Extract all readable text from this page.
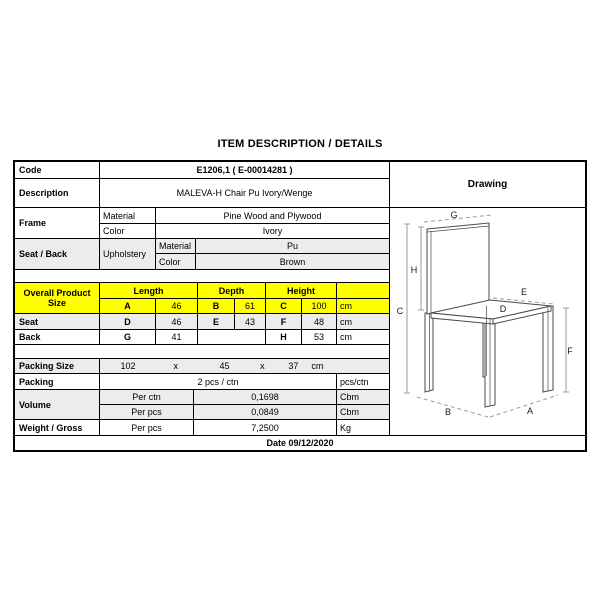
ITEM DESCRIPTION / DETAILS
Code	E1206,1 ( E-00014281 )
Description	MALEVA-H Chair Pu Ivory/Wenge
Frame
Material	Pine Wood and Plywood
Color	Ivory
Seat / Back	Upholstery
Material	Pu
Color	Brown
Overall Product Size
Length	Depth	Height
A	46	B	61	C	100	cm
Seat	D	46	E	43	F	48	cm
Back	G	41	H	53	cm
Packing Size	102	x	45	x	37 cm
Packing	2 pcs / ctn	pcs/ctn
Volume
Per ctn	0,1698	Cbm
Per pcs	0,0849	Cbm
Weight / Gross	Per pcs	7,2500	Kg
Date 09/12/2020
Drawing
G
H
C
E
D
F
A
B
